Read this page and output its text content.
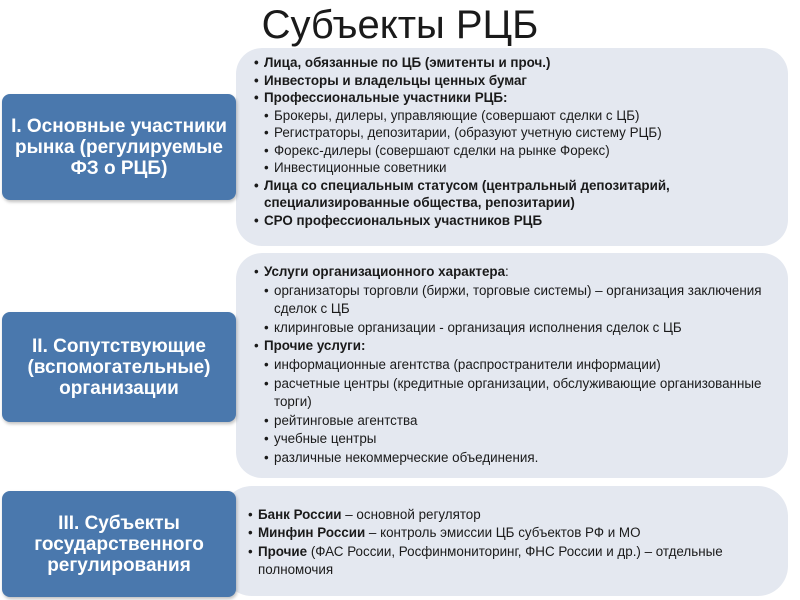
Субъекты РЦБ
• Лица, обязанные по ЦБ (эмитенты и проч.)
• Инвесторы и владельцы ценных бумаг
• Профессиональные участники РЦБ:
• Брокеры, дилеры, управляющие (совершают сделки с ЦБ)
• Регистраторы, депозитарии, (образуют учетную систему РЦБ)
• Форекс-дилеры (совершают сделки на рынке Форекс)
• Инвестиционные советники
• Лица со специальным статусом (центральный депозитарий, специализированные общества, репозитарии)
• СРО профессиональных участников РЦБ
• Услуги организационного характера:
• организаторы торговли (биржи, торговые системы) – организация заключения сделок с ЦБ
• клиринговые организации - организация исполнения сделок с ЦБ
• Прочие услуги:
• информационные агентства (распространители информации)
• расчетные центры (кредитные организации, обслуживающие организованные торги)
• рейтинговые агентства
• учебные центры
• различные некоммерческие объединения.
• Банк России – основной регулятор
• Минфин России – контроль эмиссии ЦБ субъектов РФ и МО
• Прочие (ФАС России, Росфинмониторинг, ФНС России и др.) – отдельные полномочия
I. Основные участники рынка (регулируемые ФЗ о РЦБ)
II. Сопутствующие (вспомогательные) организации
III. Субъекты государственного регулирования
